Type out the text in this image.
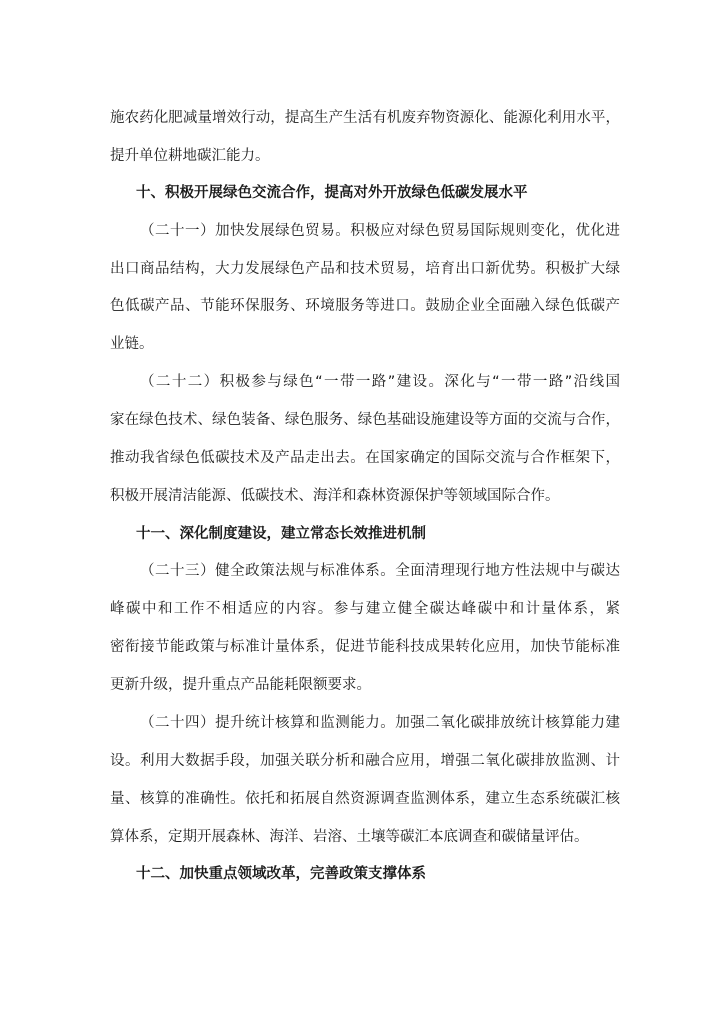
施农药化肥减量增效行动，提高生产生活有机废弃物资源化、能源化利用水平，
提升单位耕地碳汇能力。
十、积极开展绿色交流合作，提高对外开放绿色低碳发展水平
（二十一）加快发展绿色贸易。积极应对绿色贸易国际规则变化，优化进
出口商品结构，大力发展绿色产品和技术贸易，培育出口新优势。积极扩大绿
色低碳产品、节能环保服务、环境服务等进口。鼓励企业全面融入绿色低碳产
业链。
（二十二）积极参与绿色“一带一路”建设。深化与“一带一路”沿线国
家在绿色技术、绿色装备、绿色服务、绿色基础设施建设等方面的交流与合作，
推动我省绿色低碳技术及产品走出去。在国家确定的国际交流与合作框架下，
积极开展清洁能源、低碳技术、海洋和森林资源保护等领域国际合作。
十一、深化制度建设，建立常态长效推进机制
（二十三）健全政策法规与标准体系。全面清理现行地方性法规中与碳达
峰碳中和工作不相适应的内容。参与建立健全碳达峰碳中和计量体系，紧
密衔接节能政策与标准计量体系，促进节能科技成果转化应用，加快节能标准
更新升级，提升重点产品能耗限额要求。
（二十四）提升统计核算和监测能力。加强二氧化碳排放统计核算能力建
设。利用大数据手段，加强关联分析和融合应用，增强二氧化碳排放监测、计
量、核算的准确性。依托和拓展自然资源调查监测体系，建立生态系统碳汇核
算体系，定期开展森林、海洋、岩溶、土壤等碳汇本底调查和碳储量评估。
十二、加快重点领域改革，完善政策支撑体系
